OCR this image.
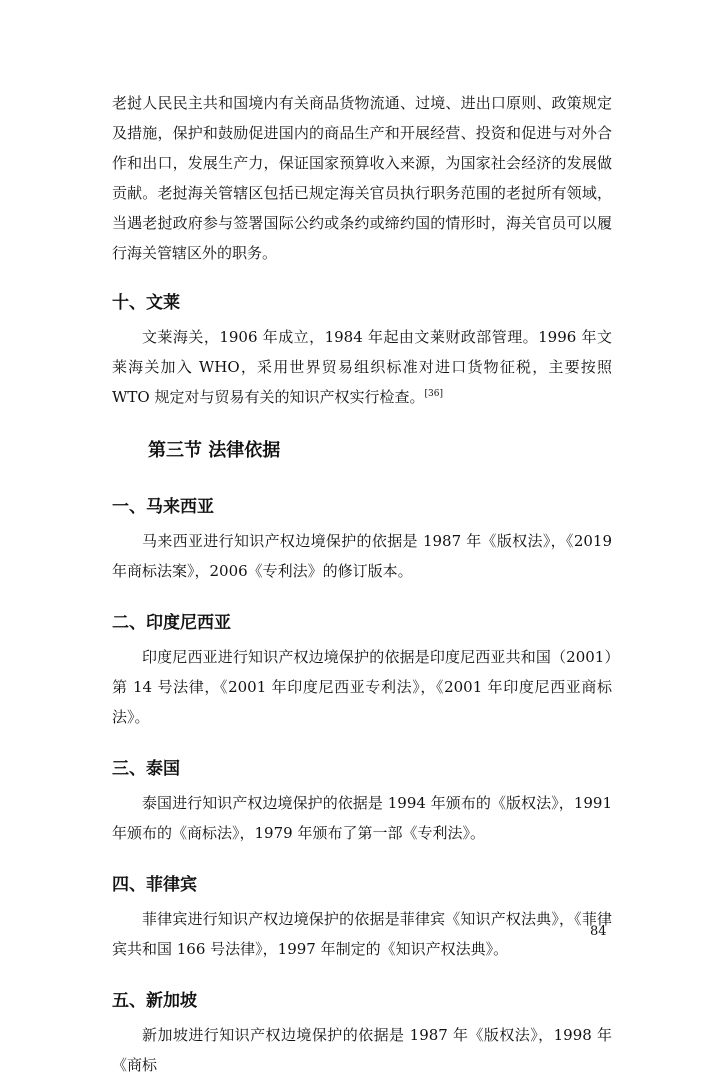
老挝人民民主共和国境内有关商品货物流通、过境、进出口原则、政策规定及措施，保护和鼓励促进国内的商品生产和开展经营、投资和促进与对外合作和出口，发展生产力，保证国家预算收入来源，为国家社会经济的发展做贡献。老挝海关管辖区包括已规定海关官员执行职务范围的老挝所有领域，当遇老挝政府参与签署国际公约或条约或缔约国的情形时，海关官员可以履行海关管辖区外的职务。

十、文莱

文莱海关，1906 年成立，1984 年起由文莱财政部管理。1996 年文莱海关加入 WHO，采用世界贸易组织标准对进口货物征税，主要按照 WTO 规定对与贸易有关的知识产权实行检查。[36]

第三节 法律依据
一、马来西亚

马来西亚进行知识产权边境保护的依据是 1987 年《版权法》，《2019 年商标法案》，2006《专利法》的修订版本。

二、印度尼西亚

印度尼西亚进行知识产权边境保护的依据是印度尼西亚共和国（2001）第 14 号法律，《2001 年印度尼西亚专利法》，《2001 年印度尼西亚商标法》。

三、泰国

泰国进行知识产权边境保护的依据是 1994 年颁布的《版权法》，1991 年颁布的《商标法》，1979 年颁布了第一部《专利法》。

四、菲律宾

菲律宾进行知识产权边境保护的依据是菲律宾《知识产权法典》，《菲律宾共和国 166 号法律》，1997 年制定的《知识产权法典》。

五、新加坡

新加坡进行知识产权边境保护的依据是 1987 年《版权法》，1998 年《商标

84
